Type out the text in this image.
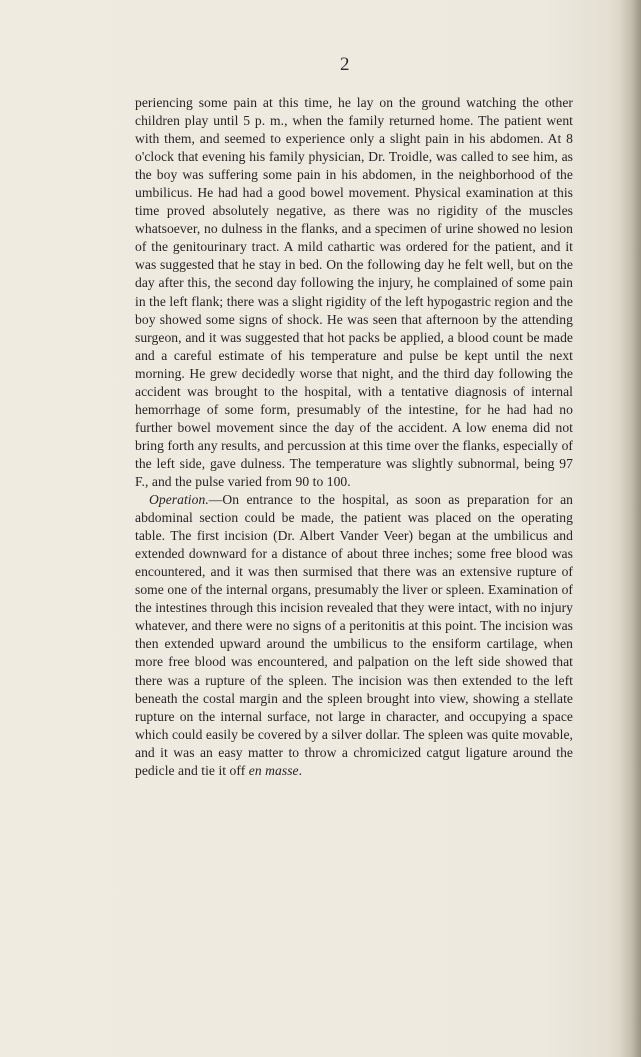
2

periencing some pain at this time, he lay on the ground watching the other children play until 5 p. m., when the family returned home. The patient went with them, and seemed to experience only a slight pain in his abdomen. At 8 o'clock that evening his family physician, Dr. Troidle, was called to see him, as the boy was suffering some pain in his abdomen, in the neighborhood of the umbilicus. He had had a good bowel movement. Physical examination at this time proved absolutely negative, as there was no rigidity of the muscles whatsoever, no dulness in the flanks, and a specimen of urine showed no lesion of the genitourinary tract. A mild cathartic was ordered for the patient, and it was suggested that he stay in bed. On the following day he felt well, but on the day after this, the second day following the injury, he complained of some pain in the left flank; there was a slight rigidity of the left hypogastric region and the boy showed some signs of shock. He was seen that afternoon by the attending surgeon, and it was suggested that hot packs be applied, a blood count be made and a careful estimate of his temperature and pulse be kept until the next morning. He grew decidedly worse that night, and the third day following the accident was brought to the hospital, with a tentative diagnosis of internal hemorrhage of some form, presumably of the intestine, for he had had no further bowel movement since the day of the accident. A low enema did not bring forth any results, and percussion at this time over the flanks, especially of the left side, gave dulness. The temperature was slightly subnormal, being 97 F., and the pulse varied from 90 to 100.

Operation.—On entrance to the hospital, as soon as preparation for an abdominal section could be made, the patient was placed on the operating table. The first incision (Dr. Albert Vander Veer) began at the umbilicus and extended downward for a distance of about three inches; some free blood was encountered, and it was then surmised that there was an extensive rupture of some one of the internal organs, presumably the liver or spleen. Examination of the intestines through this incision revealed that they were intact, with no injury whatever, and there were no signs of a peritonitis at this point. The incision was then extended upward around the umbilicus to the ensiform cartilage, when more free blood was encountered, and palpation on the left side showed that there was a rupture of the spleen. The incision was then extended to the left beneath the costal margin and the spleen brought into view, showing a stellate rupture on the internal surface, not large in character, and occupying a space which could easily be covered by a silver dollar. The spleen was quite movable, and it was an easy matter to throw a chromicized catgut ligature around the pedicle and tie it off en masse.
